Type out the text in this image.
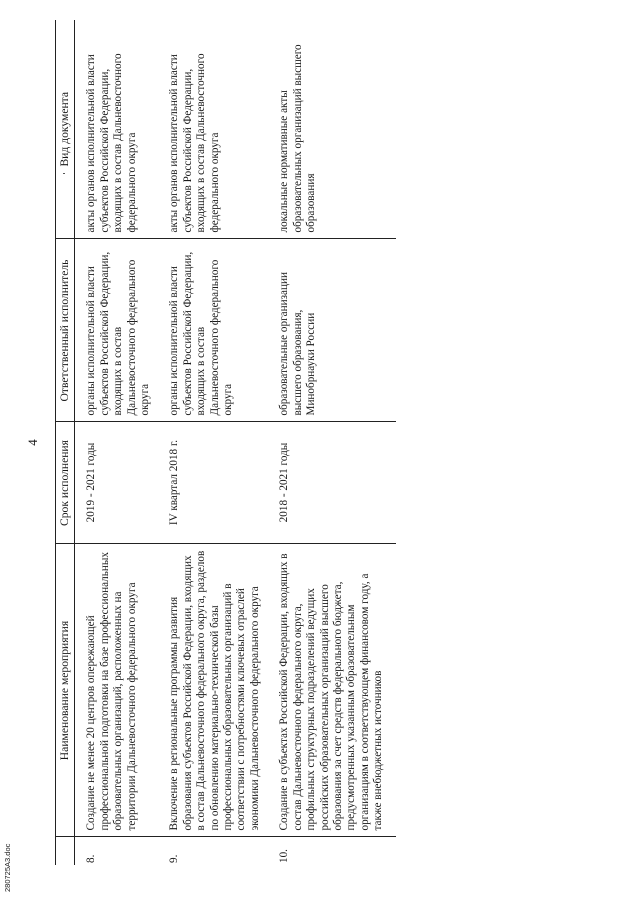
4
	Наименование мероприятия	Срок исполнения	Ответственный исполнитель	Вид документа
8.	Создание не менее 20 центров опережающей профессиональной подготовки на базе профессиональных образовательных организаций, расположенных на территории Дальневосточного федерального округа	2019 - 2021 годы	органы исполнительной власти субъектов Российской Федерации, входящих в состав Дальневосточного федерального округа	акты органов исполнительной власти субъектов Российской Федерации, входящих в состав Дальневосточного федерального округа
9.	Включение в региональные программы развития образования субъектов Российской Федерации, входящих в состав Дальневосточного федерального округа, разделов по обновлению материально-технической базы профессиональных образовательных организаций в соответствии с потребностями ключевых отраслей экономики Дальневосточного федерального округа	IV квартал 2018 г.	органы исполнительной власти субъектов Российской Федерации, входящих в состав Дальневосточного федерального округа	акты органов исполнительной власти субъектов Российской Федерации, входящих в состав Дальневосточного федерального округа
10.	Создание в субъектах Российской Федерации, входящих в состав Дальневосточного федерального округа, профильных структурных подразделений ведущих российских образовательных организаций высшего образования за счет средств федерального бюджета, предусмотренных указанным образовательным организациям в соответствующем финансовом году, а также внебюджетных источников	2018 - 2021 годы	образовательные организации высшего образования, Минобрнауки России	локальные нормативные акты образовательных организаций высшего образования
280725А3.doc
